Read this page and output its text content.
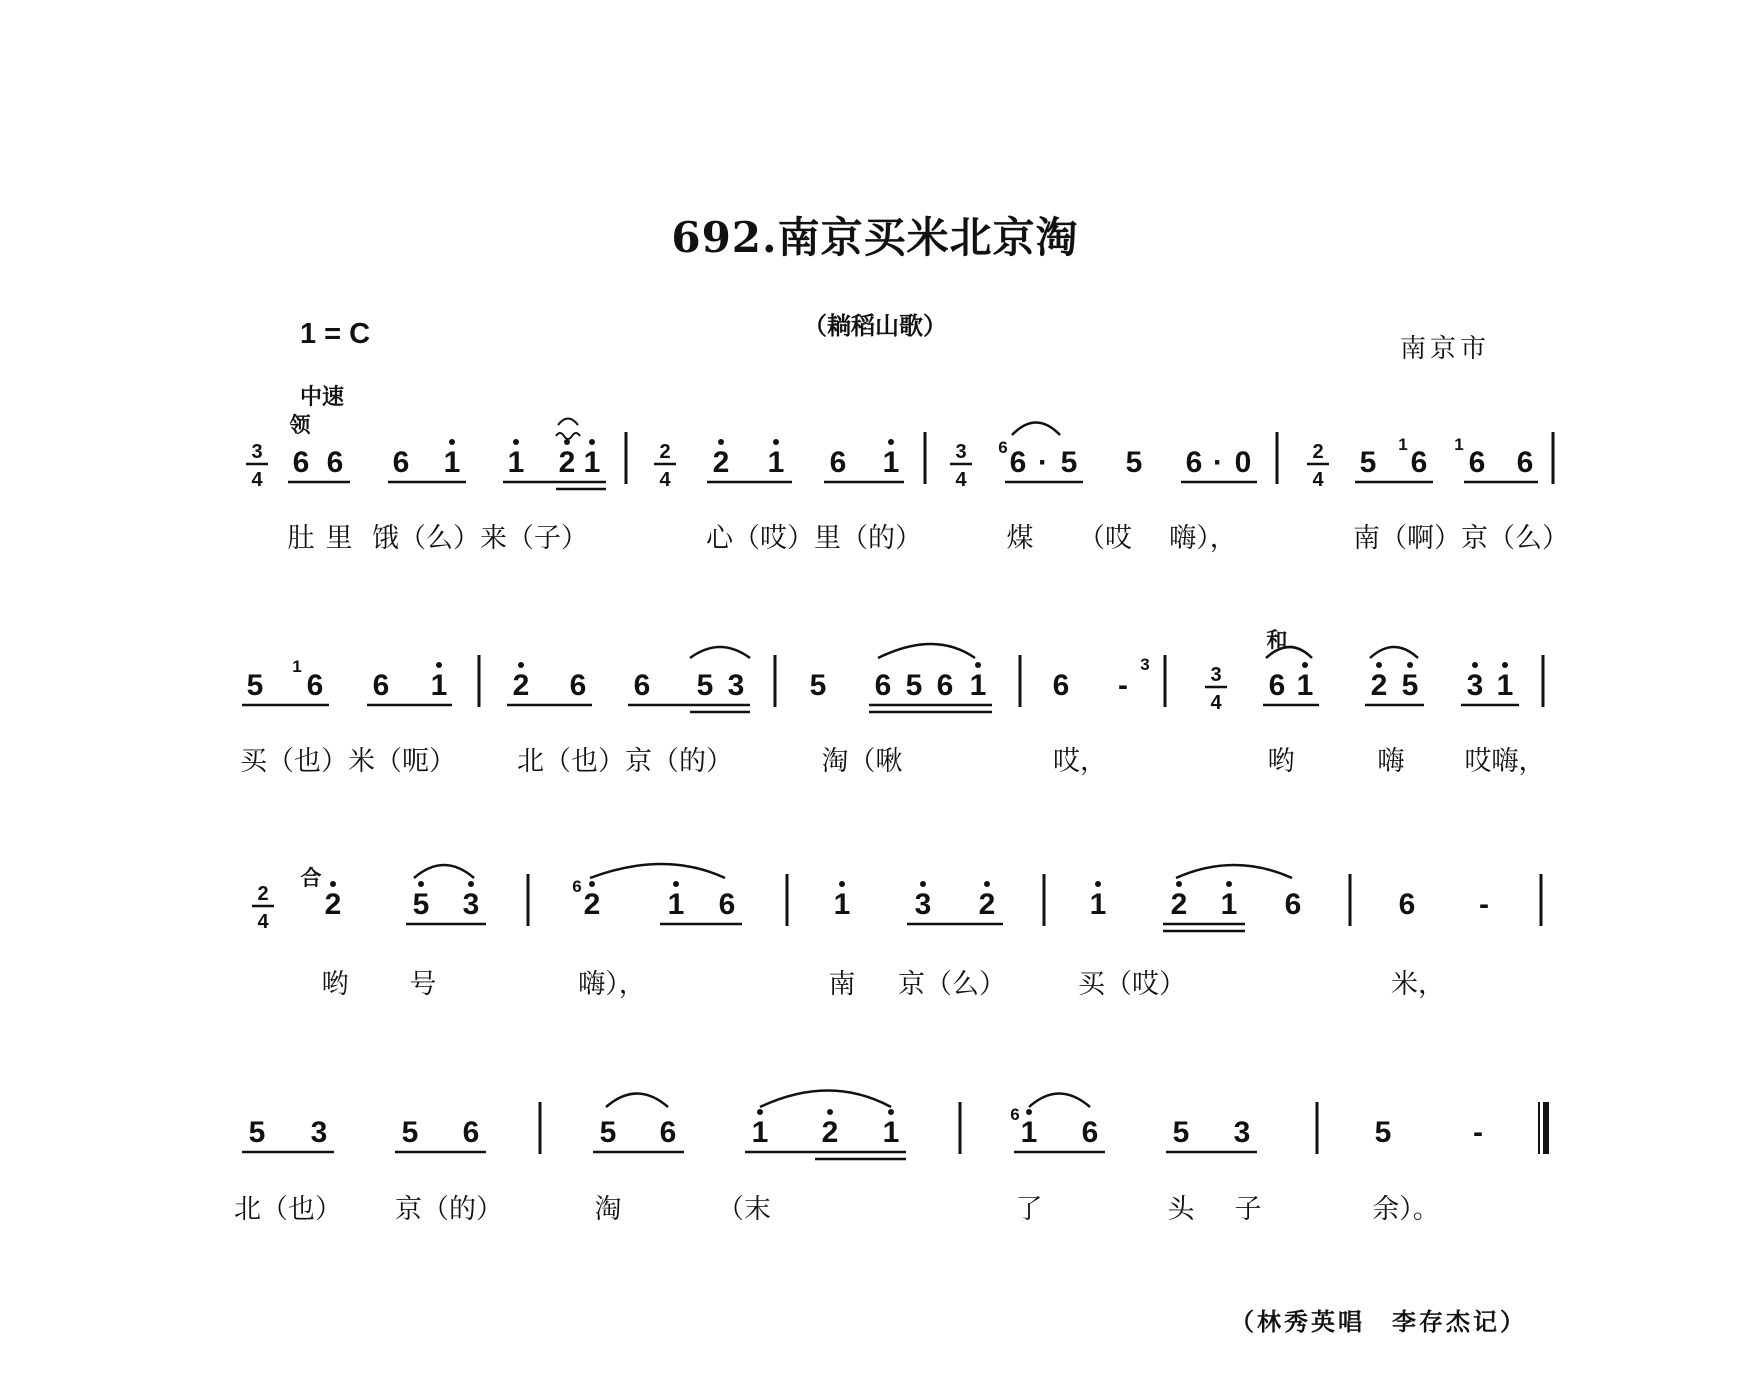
692.南京买米北京淘
（耥稻山歌）
1 = C	南京市
中速
3
4
6 6 6 1 1 2 1	2
4
2 1 6 1	3
4
6 · 5 5 6 · 0	2
4
5 6 6 6
5 6 6 1 2 6 6 5 3 5 6 5 6 1 6 -	3
4
6 1 2 5 3 1
2
4
2 5 3	2 1 6	1 3 2	1 2 1 6	6 -
5 3 5 6	5 6	1 2 1	1 6 5 3	5	-
肚 里 饿（么）来（子）	心（哎）里（的）	煤 （哎 嗨），	南（啊）京（么）
买（也）米（呃） 北（也）京（的）	淘（啾	哎，	哟	嗨 哎嗨，
哟 号	嗨），	南 京（么）	买（哎）	米，
北（也） 京（的）	淘	（末	了	头 子	余）。
领
和
合
6	1	1
1	3
6
6
（林秀英唱　李存杰记）
